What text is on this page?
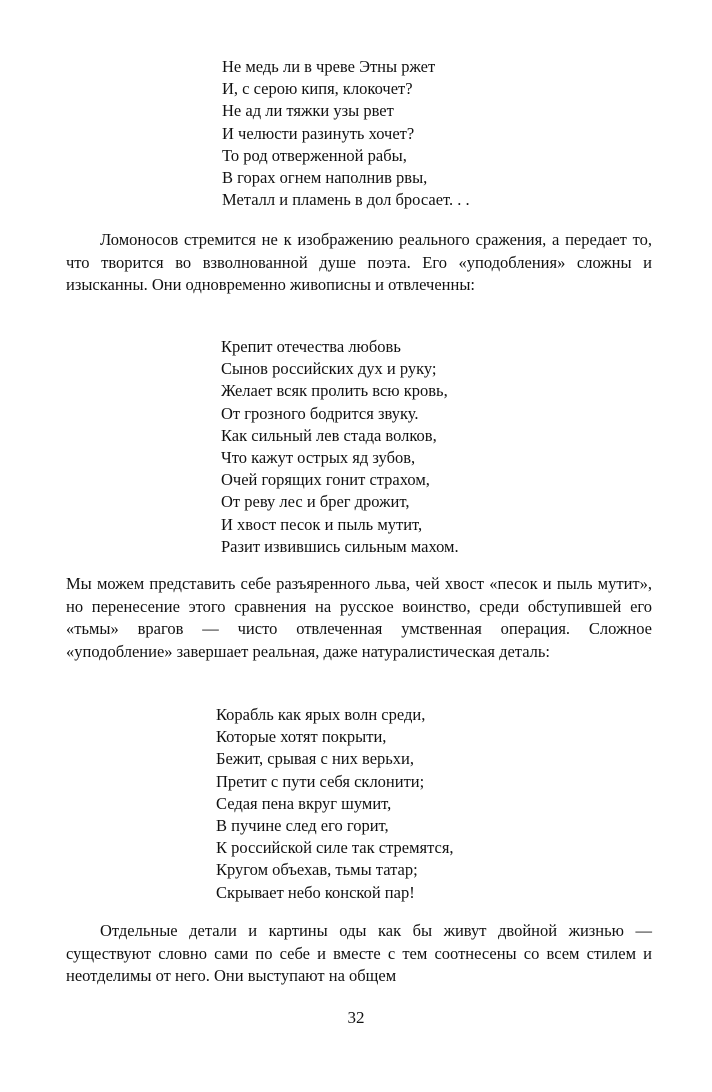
Не медь ли в чреве Этны ржет
И, с серою кипя, клокочет?
Не ад ли тяжки узы рвет
И челюсти разинуть хочет?
То род отверженной рабы,
В горах огнем наполнив рвы,
Металл и пламень в дол бросает. . .

Ломоносов стремится не к изображению реального сражения, а передает то, что творится во взволнованной душе поэта. Его «уподобления» сложны и изысканны. Они одновременно живописны и отвлеченны:

Крепит отечества любовь
Сынов российских дух и руку;
Желает всяк пролить всю кровь,
От грозного бодрится звуку.
Как сильный лев стада волков,
Что кажут острых яд зубов,
Очей горящих гонит страхом,
От реву лес и брег дрожит,
И хвост песок и пыль мутит,
Разит извившись сильным махом.

Мы можем представить себе разъяренного льва, чей хвост «песок и пыль мутит», но перенесение этого сравнения на русское воинство, среди обступившей его «тьмы» врагов — чисто отвлеченная умственная операция. Сложное «уподобление» завершает реальная, даже натуралистическая деталь:

Корабль как ярых волн среди,
Которые хотят покрыти,
Бежит, срывая с них верьхи,
Претит с пути себя склонити;
Седая пена вкруг шумит,
В пучине след его горит,
К российской силе так стремятся,
Кругом объехав, тьмы татар;
Скрывает небо конской пар!

Отдельные детали и картины оды как бы живут двойной жизнью — существуют словно сами по себе и вместе с тем соотнесены со всем стилем и неотделимы от него. Они выступают на общем

32
